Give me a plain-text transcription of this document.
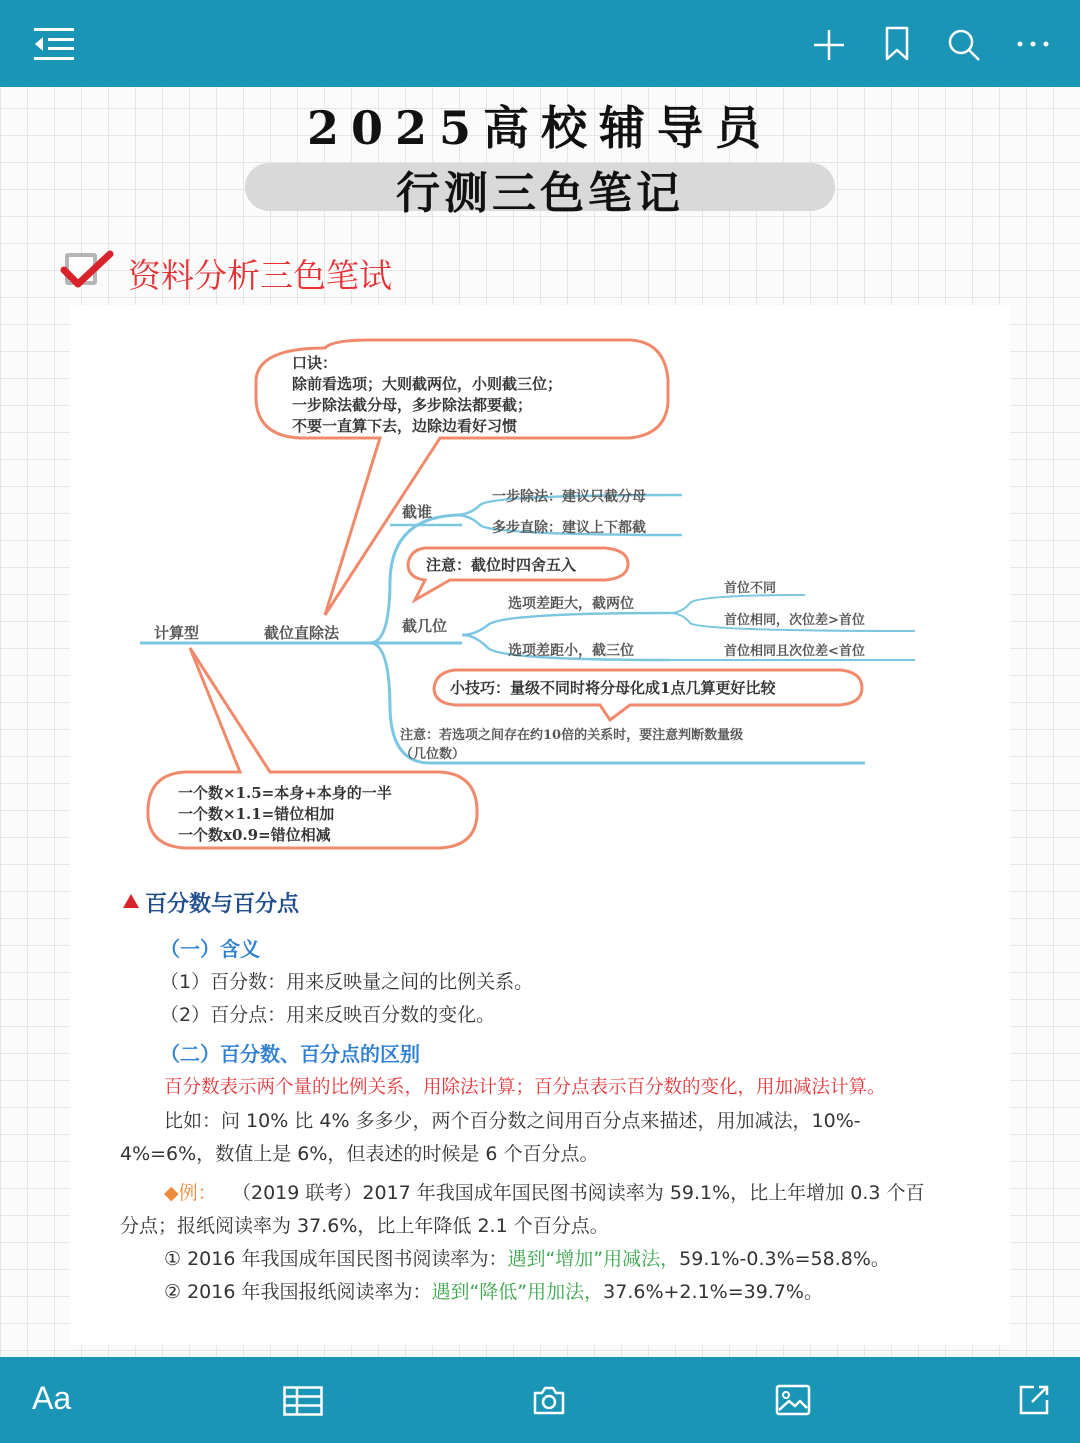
2025高校辅导员
行测三色笔记
资料分析三色笔试
口诀：
除前看选项；大则截两位，小则截三位；
一步除法截分母，多步除法都要截；
不要一直算下去，边除边看好习惯
计算型	截位直除法
截谁
一步除法：建议只截分母
多步直除：建议上下都截
注意：截位时四舍五入
截几位
选项差距大，截两位
选项差距小，截三位
首位不同
首位相同，次位差>首位
首位相同且次位差<首位
小技巧：量级不同时将分母化成1点几算更好比较
注意：若选项之间存在约10倍的关系时，要注意判断数量级
（几位数）
一个数×1.5=本身+本身的一半
一个数×1.1=错位相加
一个数x0.9=错位相减
百分数与百分点
（一）含义
（1）百分数：用来反映量之间的比例关系。
（2）百分点：用来反映百分数的变化。
（二）百分数、百分点的区别
百分数表示两个量的比例关系，用除法计算；百分点表示百分数的变化，用加减法计算。
比如：问 10% 比 4% 多多少，两个百分数之间用百分点来描述，用加减法，10%-
4%=6%，数值上是 6%，但表述的时候是 6 个百分点。
◆例： （2019 联考）2017 年我国成年国民图书阅读率为 59.1%，比上年增加 0.3 个百
分点；报纸阅读率为 37.6%，比上年降低 2.1 个百分点。
① 2016 年我国成年国民图书阅读率为：遇到“增加”用减法，59.1%-0.3%=58.8%。
② 2016 年我国报纸阅读率为：遇到“降低”用加法，37.6%+2.1%=39.7%。
Aa
